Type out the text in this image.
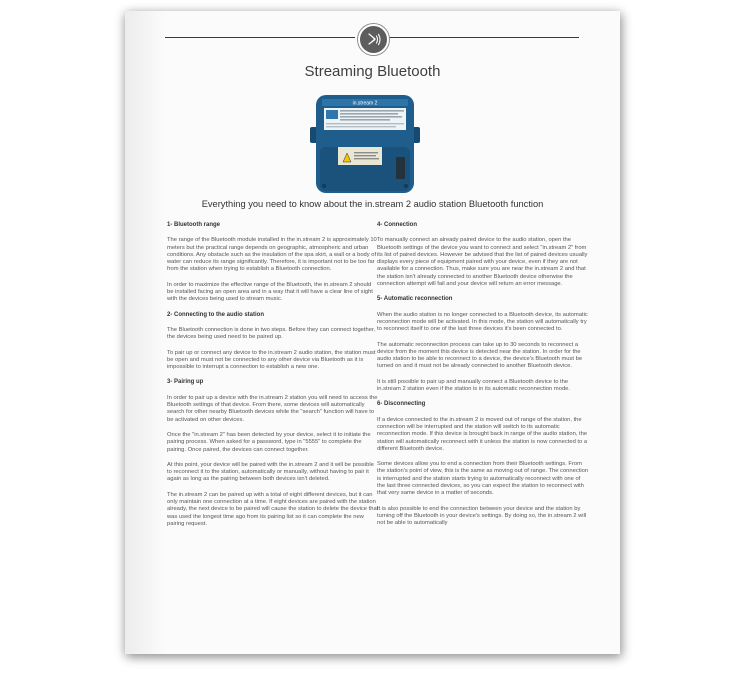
Streaming Bluetooth
in.stream 2
Everything you need to know about the in.stream 2 audio station Bluetooth function
1- Bluetooth range
The range of the Bluetooth module installed in the in.stream 2 is approximately 10 meters but the practical range depends on geographic, atmospheric and urban conditions. Any obstacle such as the insulation of the spa skirt, a wall or a body of water can reduce its range significantly. Therefore, it is important not to be too far from the station when trying to establish a Bluetooth connection.
In order to maximize the effective range of the Bluetooth, the in.stream 2 should be installed facing an open area and in a way that it will have a clear line of sight with the devices being used to stream music.
2- Connecting to the audio station
The Bluetooth connection is done in two steps. Before they can connect together, the devices being used need to be paired up.
To pair up or connect any device to the in.stream 2 audio station, the station must be open and must not be connected to any other device via Bluetooth as it is impossible to interrupt a connection to establish a new one.
3- Pairing up
In order to pair up a device with the in.stream 2 station you will need to access the Bluetooth settings of that device. From there, some devices will automatically search for other nearby Bluetooth devices while the "search" function will have to be activated on other devices.
Once the "in.stream 2" has been detected by your device, select it to initiate the pairing process. When asked for a password, type in "5555" to complete the pairing. Once paired, the devices can connect together.
At this point, your device will be paired with the in.stream 2 and it will be possible to reconnect it to the station, automatically or manually, without having to pair it again as long as the pairing between both devices isn't deleted.
The in.stream 2 can be paired up with a total of eight different devices, but it can only maintain one connection at a time. If eight devices are paired with the station already, the next device to be paired will cause the station to delete the device that was used the longest time ago from its pairing list so it can complete the new pairing request.
4- Connection
To manually connect an already paired device to the audio station, open the Bluetooth settings of the device you want to connect and select "in.stream 2" from its list of paired devices. However be advised that the list of paired devices usually displays every piece of equipment paired with your device, even if they are not available for a connection. Thus, make sure you are near the in.stream 2 and that the station isn't already connected to another Bluetooth device otherwise the connection attempt will fail and your device will return an error message.
5- Automatic reconnection
When the audio station is no longer connected to a Bluetooth device, its automatic reconnection mode will be activated. In this mode, the station will automatically try to reconnect itself to one of the last three devices it's been connected to.
The automatic reconnection process can take up to 30 seconds to reconnect a device from the moment this device is detected near the station. In order for the audio station to be able to reconnect to a device, the device's Bluetooth must be turned on and it must not be already connected to another Bluetooth device.
It is still possible to pair up and manually connect a Bluetooth device to the in.stream 2 station even if the station is in its automatic reconnection mode.
6- Disconnecting
If a device connected to the in.stream 2 is moved out of range of the station, the connection will be interrupted and the station will switch to its automatic reconnection mode. If this device is brought back in range of the audio station, the station will automatically reconnect with it unless the station is now connected to a different Bluetooth device.
Some devices allow you to end a connection from their Bluetooth settings. From the station's point of view, this is the same as moving out of range. The connection is interrupted and the station starts trying to automatically reconnect with one of the last three connected devices, so you can expect the station to reconnect with that very same device in a matter of seconds.
It is also possible to end the connection between your device and the station by turning off the Bluetooth in your device's settings. By doing so, the in.stream 2 will not be able to automatically
